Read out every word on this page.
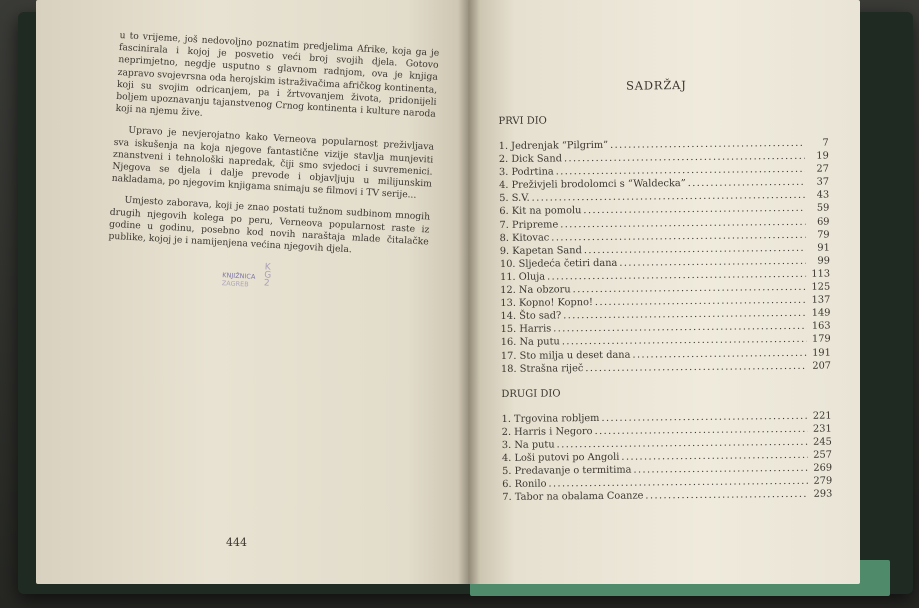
u to vrijeme, još nedovoljno poznatim predjelima Afrike, koja ga je fascinirala i kojoj je posvetio veći broj svojih djela. Gotovo neprimjetno, negdje usputno s glavnom radnjom, ova je knjiga zapravo svojevrsna oda herojskim istraživačima afričkog kontinenta, koji su svojim odricanjem, pa i žrtvovanjem života, pridonijeli boljem upoznavanju tajanstvenog Crnog kontinenta i kulture naroda koji na njemu žive.

Upravo je nevjerojatno kako Verneova popularnost preživljava sva iskušenja na koja njegove fantastične vizije stavlja munjeviti znanstveni i tehnološki napredak, čiji smo svjedoci i suvremenici. Njegova se djela i dalje prevode i objavljuju u milijunskim nakladama, po njegovim knjigama snimaju se filmovi i TV serije...

Umjesto zaborava, koji je znao postati tužnom sudbinom mnogih drugih njegovih kolega po peru, Verneova popularnost raste iz godine u godinu, posebno kod novih naraštaja mlade čitalačke publike, kojoj je i namijenjena većina njegovih djela.

K G 2
KNJIŽNICA
ZAGREB
444
SADRŽAJ
PRVI DIO
1. Jedrenjak “Pilgrim” .....	7
2. Dick Sand .....	19
3. Podrtina .....	27
4. Preživjeli brodolomci s “Waldecka” .....	37
5. S.V. .....	43
6. Kit na pomolu .....	59
7. Pripreme .....	69
8. Kitovac .....	79
9. Kapetan Sand .....	91
10. Sljedeća četiri dana .....	99
11. Oluja .....	113
12. Na obzoru .....	125
13. Kopno! Kopno! .....	137
14. Što sad? .....	149
15. Harris .....	163
16. Na putu .....	179
17. Sto milja u deset dana .....	191
18. Strašna riječ .....	207
DRUGI DIO
1. Trgovina robljem .....	221
2. Harris i Negoro .....	231
3. Na putu .....	245
4. Loši putovi po Angoli .....	257
5. Predavanje o termitima .....	269
6. Ronilo .....	279
7. Tabor na obalama Coanze .....	293
